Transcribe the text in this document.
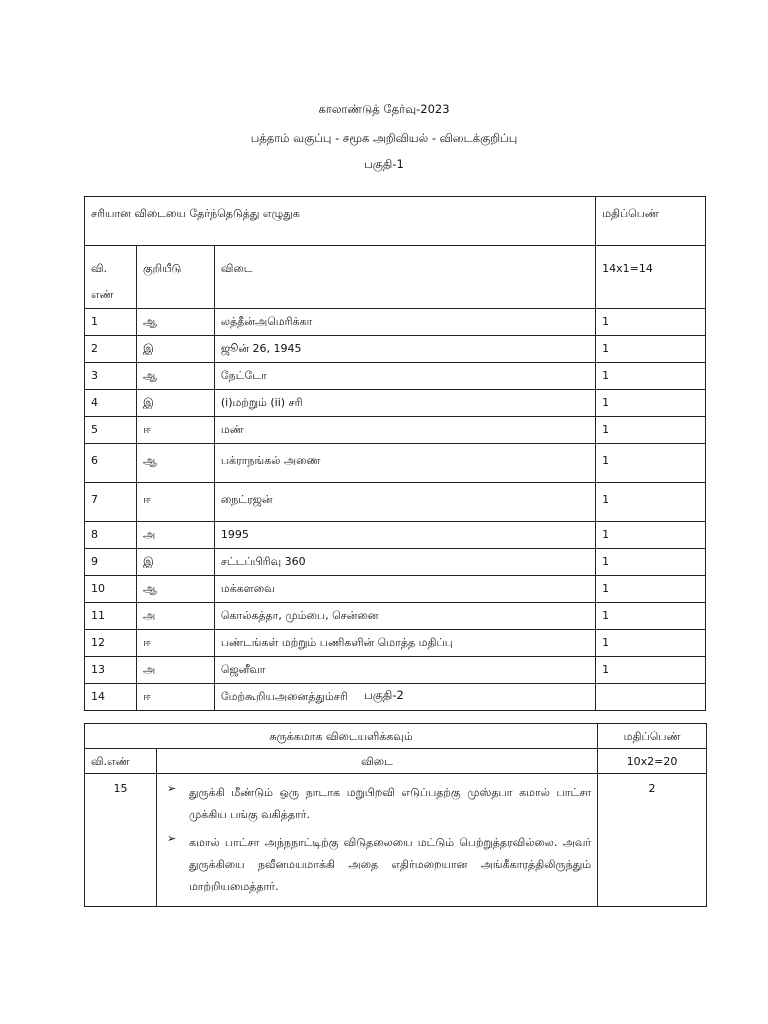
காலாண்டுத் தேர்வு-2023
பத்தாம் வகுப்பு - சமூக அறிவியல் - விடைக்குறிப்பு
பகுதி-1
சரியான விடையை தேர்ந்தெடுத்து எழுதுக			மதிப்பெண்

வி.
எண்	குறியீடு	விடை	14x1=14
1	ஆ	லத்தீன்அமெரிக்கா	1
2	இ	ஜூன் 26, 1945	1
3	ஆ	நேட்டோ	1
4	இ	(i)மற்றும் (ii) சரி	1
5	ஈ	மண்	1
6	ஆ	பக்ராநங்கல் அணை	1
7	ஈ	நைட்ரஜன்	1
8	அ	1995	1
9	இ	சட்டப்பிரிவு 360	1
10	ஆ	மக்களவை	1
11	அ	கொல்கத்தா, மும்பை, சென்னை	1
12	ஈ	பண்டங்கள் மற்றும் பணிகளின் மொத்த மதிப்பு	1
13	அ	ஜெனீவா	1
14	ஈ	மேற்கூறியஅனைத்தும்சரி		பகுதி-2
சுருக்கமாக விடையளிக்கவும்		மதிப்பெண்
வி.எண்	விடை	10x2=20
15	➢ துருக்கி மீண்டும் ஒரு நாடாக மறுபிறவி எடுப்பதற்கு முஸ்தபா கமால் பாட்சா முக்கிய பங்கு வகித்தார்.
➢ கமால் பாட்சா அந்நநாட்டிற்கு விடுதலையை மட்டும் பெற்றுத்தரவில்லை. அவர் துருக்கியை நவீனமயமாக்கி அதை எதிர்மறையான அங்கீகாரத்திலிருந்தும் மாற்றியமைத்தார்.	2
